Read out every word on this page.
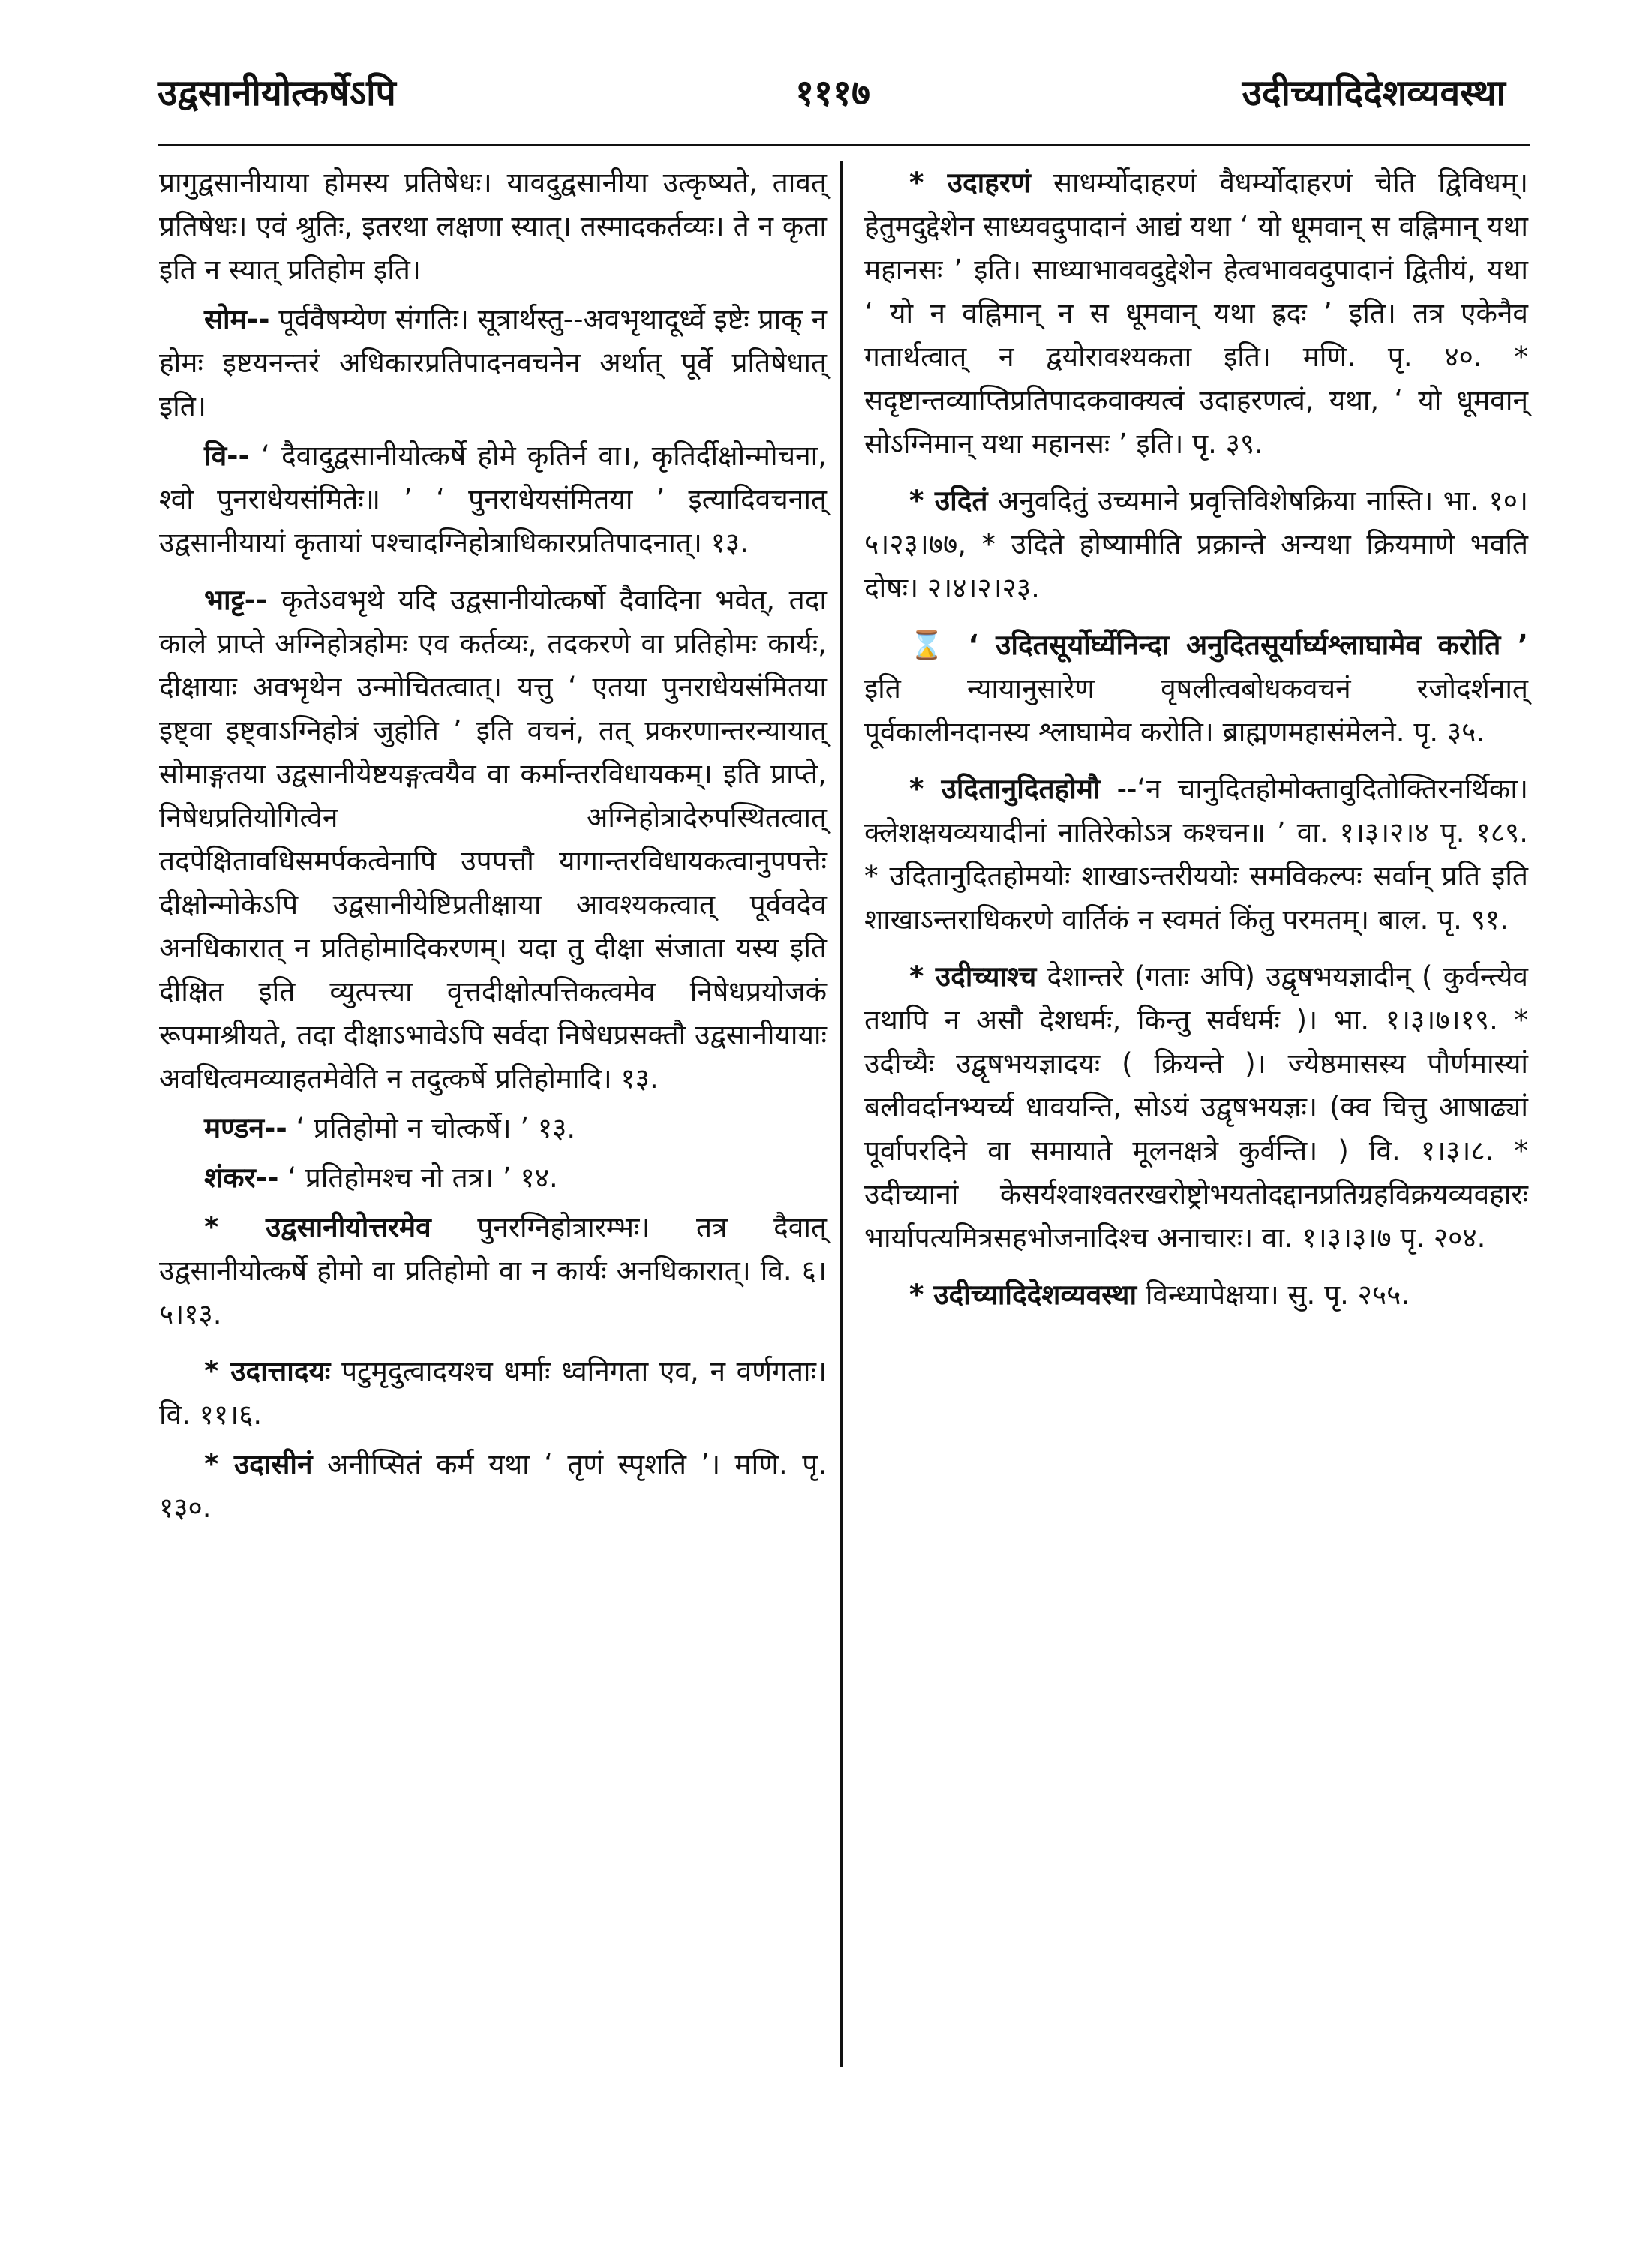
उद्वसानीयोत्कर्षेऽपि	१११७	उदीच्यादिदेशव्यवस्था

प्रागुद्वसानीयाया होमस्य प्रतिषेधः। यावदुद्वसानीया उत्कृष्यते, तावत् प्रतिषेधः। एवं श्रुतिः, इतरथा लक्षणा स्यात्। तस्मादकर्तव्यः। ते न कृता इति न स्यात् प्रतिहोम इति।

सोम-- पूर्ववैषम्येण संगतिः। सूत्रार्थस्तु--अवभृथादूर्ध्वे इष्टेः प्राक् न होमः इष्टयनन्तरं अधिकारप्रतिपादनवचनेन अर्थात् पूर्वे प्रतिषेधात् इति।

वि-- ‘ दैवादुद्वसानीयोत्कर्षे होमे कृतिर्न वा।, कृतिर्दीक्षोन्मोचना, श्वो पुनराधेयसंमितेः॥ ’ ‘ पुनराधेयसंमितया ’ इत्यादिवचनात् उद्वसानीयायां कृतायां पश्चादग्निहोत्राधिकारप्रतिपादनात्। १३.

भाट्ट-- कृतेऽवभृथे यदि उद्वसानीयोत्कर्षो दैवादिना भवेत्, तदा काले प्राप्ते अग्निहोत्रहोमः एव कर्तव्यः, तदकरणे वा प्रतिहोमः कार्यः, दीक्षायाः अवभृथेन उन्मोचितत्वात्। यत्तु ‘ एतया पुनराधेयसंमितया इष्ट्वा इष्ट्वाऽग्निहोत्रं जुहोति ’ इति वचनं, तत् प्रकरणान्तरन्यायात् सोमाङ्गतया उद्वसानीयेष्टयङ्गत्वयैव वा कर्मान्तरविधायकम्। इति प्राप्ते, निषेधप्रतियोगित्वेन अग्निहोत्रादेरुपस्थितत्वात् तदपेक्षितावधिसमर्पकत्वेनापि उपपत्तौ यागान्तरविधायकत्वानुपपत्तेः दीक्षोन्मोकेऽपि उद्वसानीयेष्टिप्रतीक्षाया आवश्यकत्वात् पूर्ववदेव अनधिकारात् न प्रतिहोमादिकरणम्। यदा तु दीक्षा संजाता यस्य इति दीक्षित इति व्युत्पत्त्या वृत्तदीक्षोत्पत्तिकत्वमेव निषेधप्रयोजकं रूपमाश्रीयते, तदा दीक्षाऽभावेऽपि सर्वदा निषेधप्रसक्तौ उद्वसानीयायाः अवधित्वमव्याहतमेवेति न तदुत्कर्षे प्रतिहोमादि। १३.

मण्डन-- ‘ प्रतिहोमो न चोत्कर्षे। ’ १३.

शंकर-- ‘ प्रतिहोमश्च नो तत्र। ’ १४.

* उद्वसानीयोत्तरमेव पुनरग्निहोत्रारम्भः। तत्र दैवात् उद्वसानीयोत्कर्षे होमो वा प्रतिहोमो वा न कार्यः अनधिकारात्। वि. ६।५।१३.

* उदात्तादयः पटुमृदुत्वादयश्च धर्माः ध्वनिगता एव, न वर्णगताः। वि. ११।६.

* उदासीनं अनीप्सितं कर्म यथा ‘ तृणं स्पृशति ’। मणि. पृ. १३०.

* उदाहरणं साधर्म्योदाहरणं वैधर्म्योदाहरणं चेति द्विविधम्। हेतुमदुद्देशेन साध्यवदुपादानं आद्यं यथा ‘ यो धूमवान् स वह्निमान् यथा महानसः ’ इति। साध्याभाववदुद्देशेन हेत्वभाववदुपादानं द्वितीयं, यथा ‘ यो न वह्निमान् न स धूमवान् यथा ह्रदः ’ इति। तत्र एकेनैव गतार्थत्वात् न द्वयोरावश्यकता इति। मणि. पृ. ४०. * सदृष्टान्तव्याप्तिप्रतिपादकवाक्यत्वं उदाहरणत्वं, यथा, ‘ यो धूमवान् सोऽग्निमान् यथा महानसः ’ इति। पृ. ३९.

* उदितं अनुवदितुं उच्यमाने प्रवृत्तिविशेषक्रिया नास्ति। भा. १०।५।२३।७७, * उदिते होष्यामीति प्रक्रान्ते अन्यथा क्रियमाणे भवति दोषः। २।४।२।२३.

⌛ ‘ उदितसूर्योर्घ्येनिन्दा अनुदितसूर्यार्घ्यश्लाघामेव करोति ’ इति न्यायानुसारेण वृषलीत्वबोधकवचनं रजोदर्शनात् पूर्वकालीनदानस्य श्लाघामेव करोति। ब्राह्मणमहासंमेलने. पृ. ३५.

* उदितानुदितहोमौ --‘न चानुदितहोमोक्तावुदितोक्तिरनर्थिका। क्लेशक्षयव्ययादीनां नातिरेकोऽत्र कश्चन॥ ’ वा. १।३।२।४ पृ. १८९. * उदितानुदितहोमयोः शाखाऽन्तरीययोः समविकल्पः सर्वान् प्रति इति शाखाऽन्तराधिकरणे वार्तिकं न स्वमतं किंतु परमतम्। बाल. पृ. ९१.

* उदीच्याश्च देशान्तरे (गताः अपि) उद्वृषभयज्ञादीन् ( कुर्वन्त्येव तथापि न असौ देशधर्मः, किन्तु सर्वधर्मः )। भा. १।३।७।१९. * उदीच्यैः उद्वृषभयज्ञादयः ( क्रियन्ते )। ज्येष्ठमासस्य पौर्णमास्यां बलीवर्दानभ्यर्च्य धावयन्ति, सोऽयं उद्वृषभयज्ञः। (क्व चित्तु आषाढ्यां पूर्वापरदिने वा समायाते मूलनक्षत्रे कुर्वन्ति। ) वि. १।३।८. * उदीच्यानां केसर्यश्वाश्वतरखरोष्ट्रोभयतोदद्दानप्रतिग्रहविक्रयव्यवहारः भार्यापत्यमित्रसहभोजनादिश्च अनाचारः। वा. १।३।३।७ पृ. २०४.

* उदीच्यादिदेशव्यवस्था विन्ध्यापेक्षया। सु. पृ. २५५.
